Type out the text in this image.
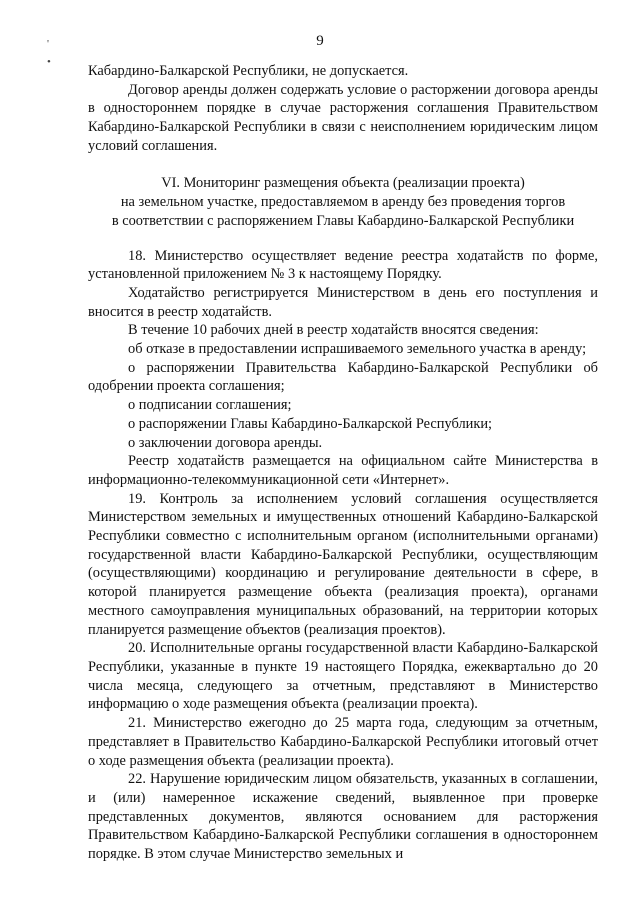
9
'
•

Кабардино-Балкарской Республики, не допускается.

Договор аренды должен содержать условие о расторжении договора аренды в одностороннем порядке в случае расторжения соглашения Правительством Кабардино-Балкарской Республики в связи с неисполнением юридическим лицом условий соглашения.

VI. Мониторинг размещения объекта (реализации проекта)
на земельном участке, предоставляемом в аренду без проведения торгов
в соответствии с распоряжением Главы Кабардино-Балкарской Республики

18. Министерство осуществляет ведение реестра ходатайств по форме, установленной приложением № 3 к настоящему Порядку.

Ходатайство регистрируется Министерством в день его поступления и вносится в реестр ходатайств.

В течение 10 рабочих дней в реестр ходатайств вносятся сведения:

об отказе в предоставлении испрашиваемого земельного участка в аренду;

о распоряжении Правительства Кабардино-Балкарской Республики об одобрении проекта соглашения;

о подписании соглашения;

о распоряжении Главы Кабардино-Балкарской Республики;

о заключении договора аренды.

Реестр ходатайств размещается на официальном сайте Министерства в информационно-телекоммуникационной сети «Интернет».

19. Контроль за исполнением условий соглашения осуществляется Министерством земельных и имущественных отношений Кабардино-Балкарской Республики совместно с исполнительным органом (исполнительными органами) государственной власти Кабардино-Балкарской Республики, осуществляющим (осуществляющими) координацию и регулирование деятельности в сфере, в которой планируется размещение объекта (реализация проекта), органами местного самоуправления муниципальных образований, на территории которых планируется размещение объектов (реализация проектов).

20. Исполнительные органы государственной власти Кабардино-Балкарской Республики, указанные в пункте 19 настоящего Порядка, ежеквартально до 20 числа месяца, следующего за отчетным, представляют в Министерство информацию о ходе размещения объекта (реализации проекта).

21. Министерство ежегодно до 25 марта года, следующим за отчетным, представляет в Правительство Кабардино-Балкарской Республики итоговый отчет о ходе размещения объекта (реализации проекта).

22. Нарушение юридическим лицом обязательств, указанных в соглашении, и (или) намеренное искажение сведений, выявленное при проверке представленных документов, являются основанием для расторжения Правительством Кабардино-Балкарской Республики соглашения в одностороннем порядке. В этом случае Министерство земельных и
